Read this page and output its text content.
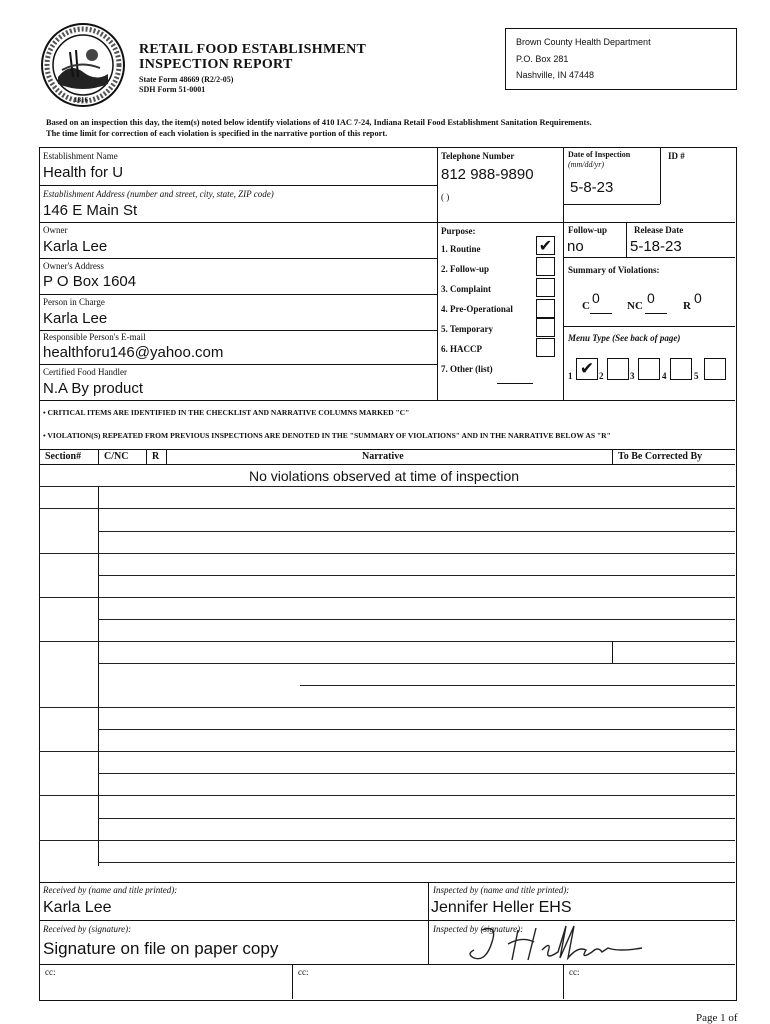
1816
RETAIL FOOD ESTABLISHMENT
INSPECTION REPORT
State Form 48669 (R2/2-05)
SDH Form 51-0001
Brown County Health Department
P.O. Box 281
Nashville, IN 47448
Based on an inspection this day, the item(s) noted below identify violations of 410 IAC 7-24, Indiana Retail Food Establishment Sanitation Requirements.
The time limit for correction of each violation is specified in the narrative portion of this report.
Establishment Name
Health for U
Establishment Address (number and street, city, state, ZIP code)
146 E Main St
Owner
Karla Lee
Owner's Address
P O Box 1604
Person in Charge
Karla Lee
Responsible Person's E-mail
healthforu146@yahoo.com
Certified Food Handler
N.A By product
Telephone Number
812 988-9890
( )
Date of Inspection
(mm/dd/yr)
5-8-23
ID #
Purpose:
1. Routine
2. Follow-up
3. Complaint
4. Pre-Operational
5. Temporary
6. HACCP
7. Other (list)
✔
Follow-up
no
Release Date
5-18-23
Summary of Violations:
C 0 NC 0	R 0
Menu Type (See back of page)
1 ✔ 2	3	4	5
• CRITICAL ITEMS ARE IDENTIFIED IN THE CHECKLIST AND NARRATIVE COLUMNS MARKED "C"
• VIOLATION(S) REPEATED FROM PREVIOUS INSPECTIONS ARE DENOTED IN THE "SUMMARY OF VIOLATIONS" AND IN THE NARRATIVE BELOW AS "R"
Section# C/NC R	Narrative	To Be Corrected By
No violations observed at time of inspection
Received by (name and title printed):
Karla Lee
Inspected by (name and title printed):
Jennifer Heller EHS
Received by (signature):
Signature on file on paper copy
Inspected by (signature):
cc:	cc:	cc:
Page 1 of
